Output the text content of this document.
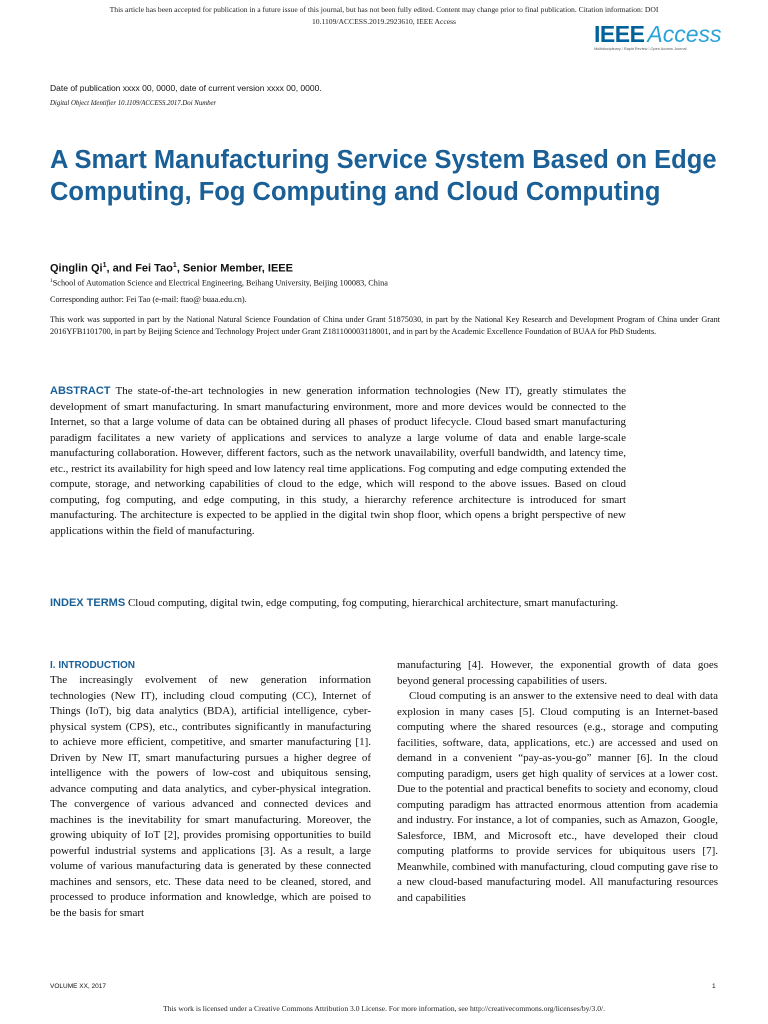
This article has been accepted for publication in a future issue of this journal, but has not been fully edited. Content may change prior to final publication. Citation information: DOI
10.1109/ACCESS.2019.2923610, IEEE Access	IEEE Access
Multidisciplinary ⁞ Rapid Review ⁞ Open Access Journal
Date of publication xxxx 00, 0000, date of current version xxxx 00, 0000.
Digital Object Identifier 10.1109/ACCESS.2017.Doi Number
A Smart Manufacturing Service System Based on Edge Computing, Fog Computing and Cloud Computing
Qinglin Qi$^1$, and Fei Tao$^1$, Senior Member, IEEE
$^1$School of Automation Science and Electrical Engineering, Beihang University, Beijing 100083, China
Corresponding author: Fei Tao (e-mail: ftao@ buaa.edu.cn).
This work was supported in part by the National Natural Science Foundation of China under Grant 51875030, in part by the National Key Research and Development Program of China under Grant 2016YFB1101700, in part by Beijing Science and Technology Project under Grant Z181100003118001, and in part by the Academic Excellence Foundation of BUAA for PhD Students.
ABSTRACT The state-of-the-art technologies in new generation information technologies (New IT), greatly stimulates the development of smart manufacturing. In smart manufacturing environment, more and more devices would be connected to the Internet, so that a large volume of data can be obtained during all phases of product lifecycle. Cloud based smart manufacturing paradigm facilitates a new variety of applications and services to analyze a large volume of data and enable large-scale manufacturing collaboration. However, different factors, such as the network unavailability, overfull bandwidth, and latency time, etc., restrict its availability for high speed and low latency real time applications. Fog computing and edge computing extended the compute, storage, and networking capabilities of cloud to the edge, which will respond to the above issues. Based on cloud computing, fog computing, and edge computing, in this study, a hierarchy reference architecture is introduced for smart manufacturing. The architecture is expected to be applied in the digital twin shop floor, which opens a bright perspective of new applications within the field of manufacturing.
INDEX TERMS Cloud computing, digital twin, edge computing, fog computing, hierarchical architecture, smart manufacturing.
I. INTRODUCTION

The increasingly evolvement of new generation information technologies (New IT), including cloud computing (CC), Internet of Things (IoT), big data analytics (BDA), artificial intelligence, cyber-physical system (CPS), etc., contributes significantly in manufacturing to achieve more efficient, competitive, and smarter manufacturing [1]. Driven by New IT, smart manufacturing pursues a higher degree of intelligence with the powers of low-cost and ubiquitous sensing, advance computing and data analytics, and cyber-physical integration. The convergence of various advanced and connected devices and machines is the inevitability for smart manufacturing. Moreover, the growing ubiquity of IoT [2], provides promising opportunities to build powerful industrial systems and applications [3]. As a result, a large volume of various manufacturing data is generated by these connected machines and sensors, etc. These data need to be cleaned, stored, and processed to produce information and knowledge, which are poised to be the basis for smart

manufacturing [4]. However, the exponential growth of data goes beyond general processing capabilities of users.

Cloud computing is an answer to the extensive need to deal with data explosion in many cases [5]. Cloud computing is an Internet-based computing where the shared resources (e.g., storage and computing facilities, software, data, applications, etc.) are accessed and used on demand in a convenient “pay-as-you-go” manner [6]. In the cloud computing paradigm, users get high quality of services at a lower cost. Due to the potential and practical benefits to society and economy, cloud computing paradigm has attracted enormous attention from academia and industry. For instance, a lot of companies, such as Amazon, Google, Salesforce, IBM, and Microsoft etc., have developed their cloud computing platforms to provide services for ubiquitous users [7]. Meanwhile, combined with manufacturing, cloud computing gave rise to a new cloud-based manufacturing model. All manufacturing resources and capabilities

VOLUME XX, 2017	1
This work is licensed under a Creative Commons Attribution 3.0 License. For more information, see http://creativecommons.org/licenses/by/3.0/.
